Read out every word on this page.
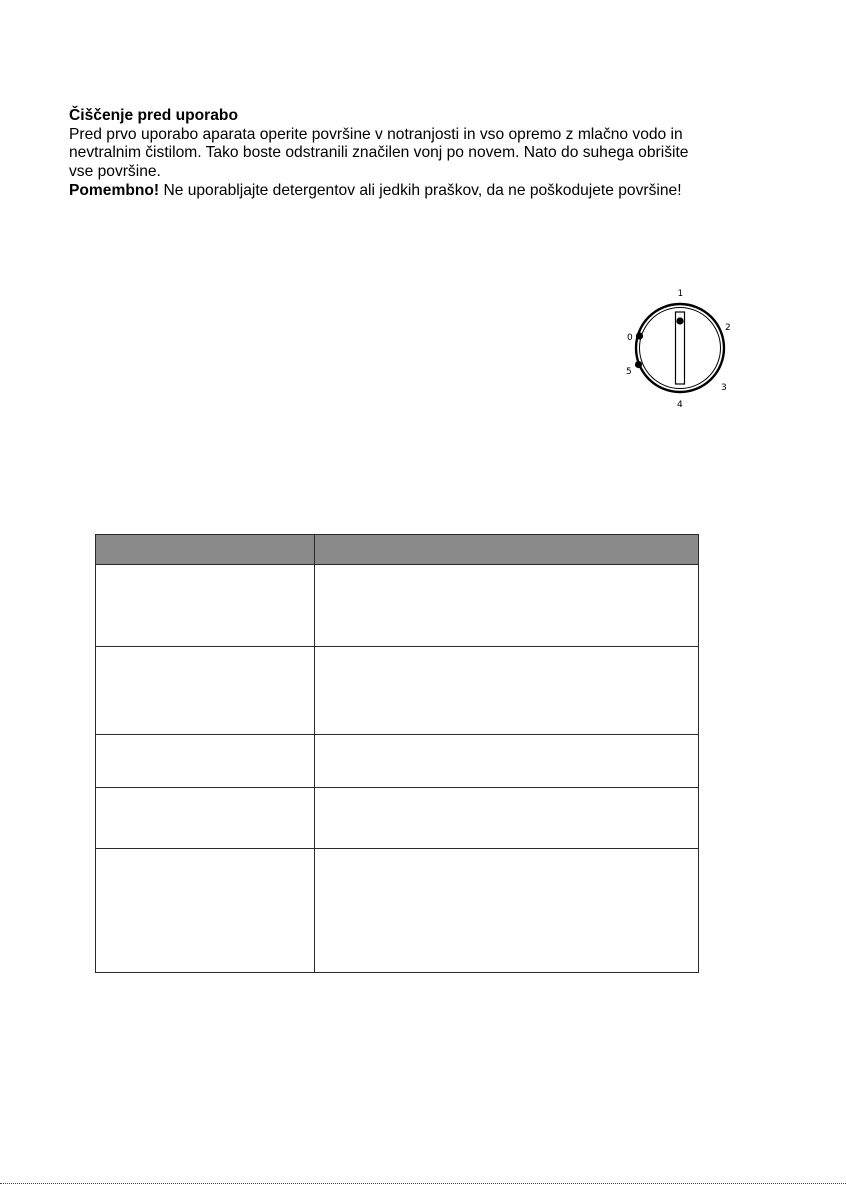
Čiščenje pred uporabo

Pred prvo uporabo aparata operite površine v notranjosti in vso opremo z mlačno vodo in

nevtralnim čistilom. Tako boste odstranili značilen vonj po novem. Nato do suhega obrišite

vse površine.

Pomembno! Ne uporabljajte detergentov ali jedkih praškov, da ne poškodujete površine!

1
2
3
4
5
0
